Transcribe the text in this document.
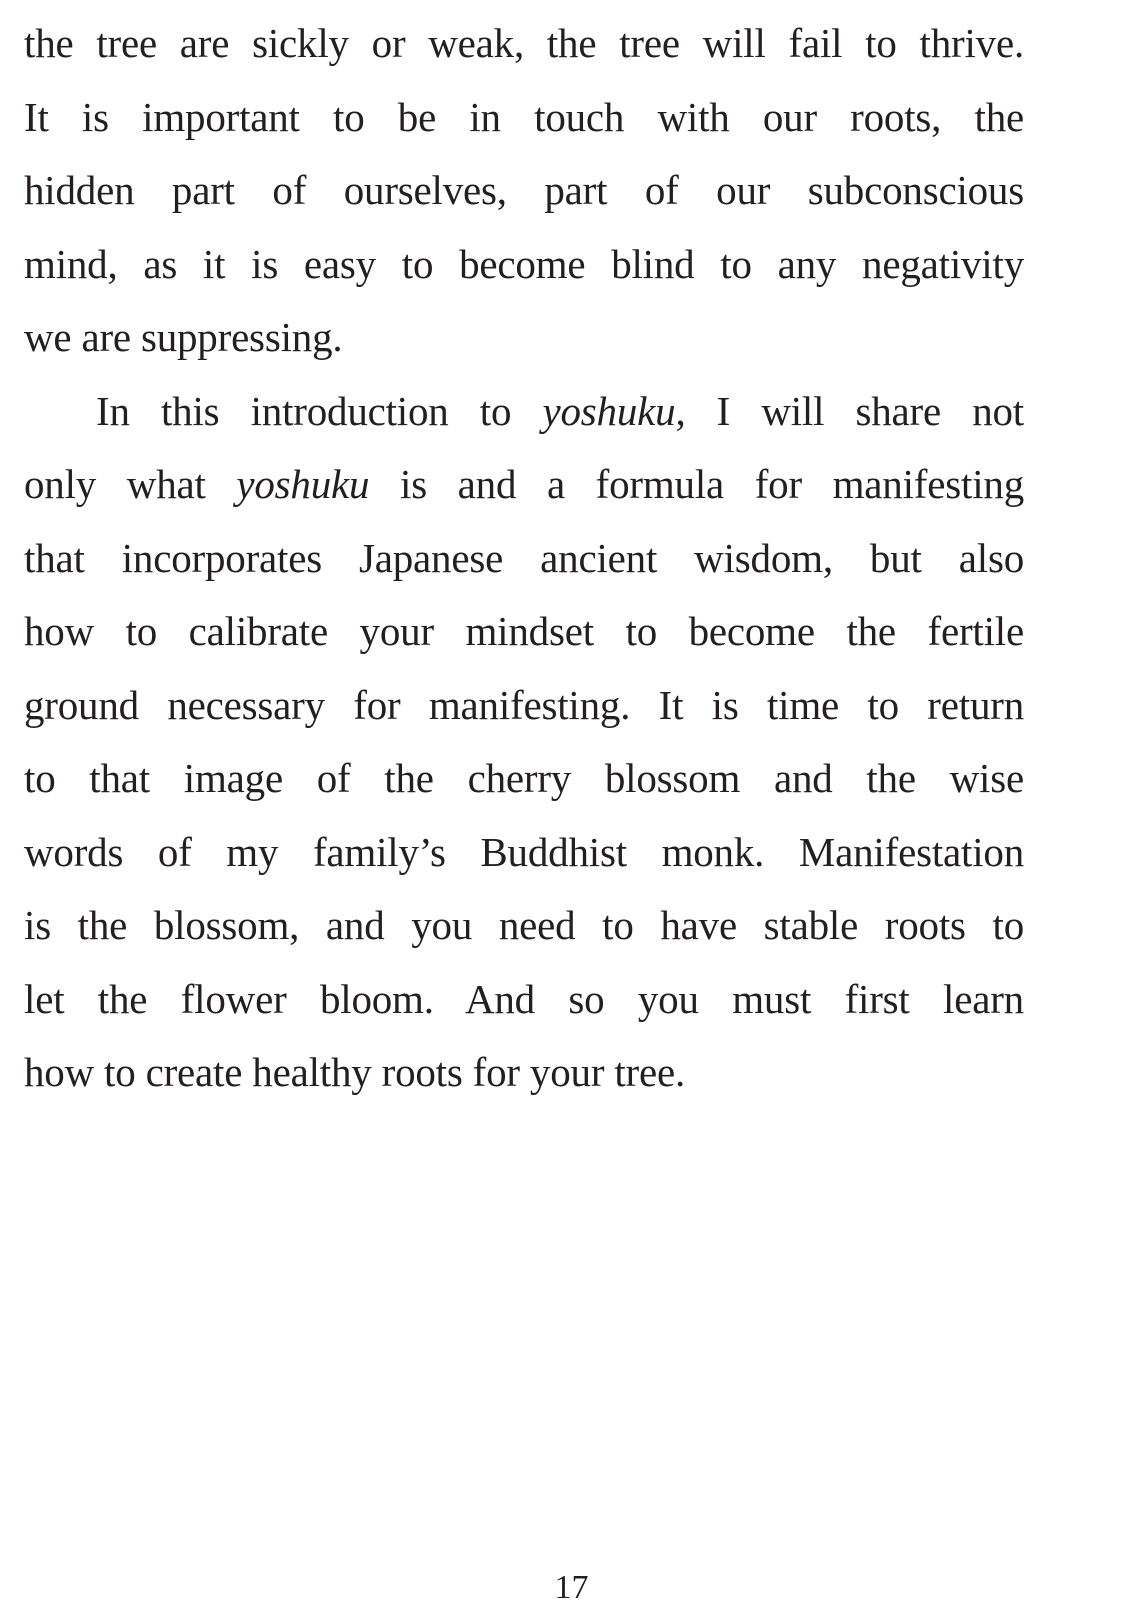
the tree are sickly or weak, the tree will fail to thrive.
It is important to be in touch with our roots, the
hidden part of ourselves, part of our subconscious
mind, as it is easy to become blind to any negativity
we are suppressing.
In this introduction to yoshuku, I will share not
only what yoshuku is and a formula for manifesting
that incorporates Japanese ancient wisdom, but also
how to calibrate your mindset to become the fertile
ground necessary for manifesting. It is time to return
to that image of the cherry blossom and the wise
words of my family’s Buddhist monk. Manifestation
is the blossom, and you need to have stable roots to
let the flower bloom. And so you must first learn
how to create healthy roots for your tree.
17
